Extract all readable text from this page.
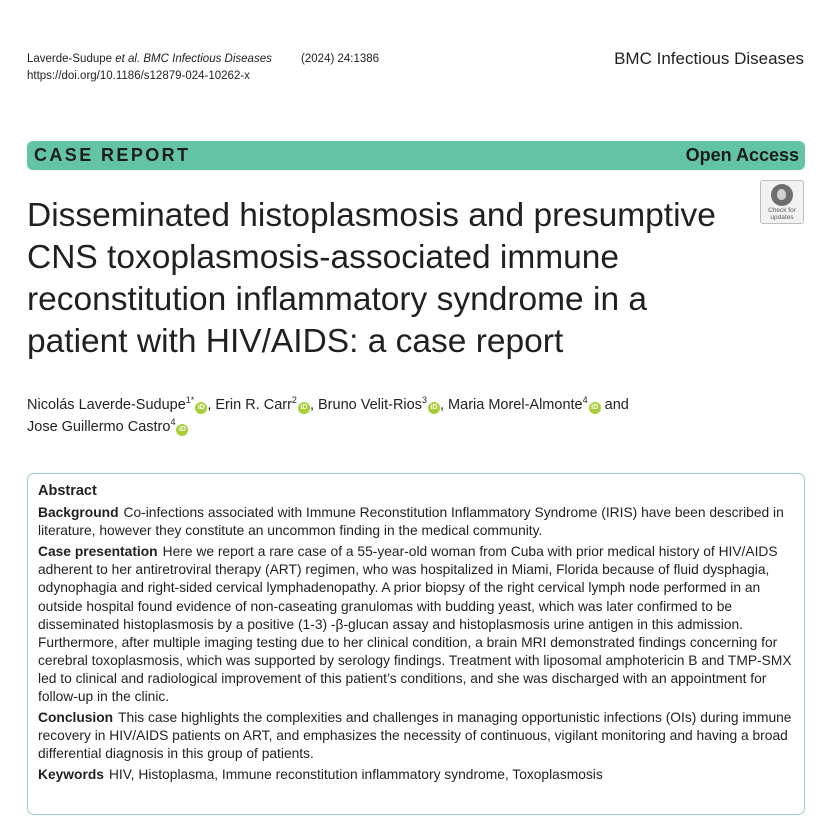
Laverde-Sudupe et al. BMC Infectious Diseases	(2024) 24:1386
https://doi.org/10.1186/s12879-024-10262-x
BMC Infectious Diseases
CASE REPORT	Open Access
Check for
updates
Disseminated histoplasmosis and presumptive CNS toxoplasmosis-associated immune reconstitution inflammatory syndrome in a patient with HIV/AIDS: a case report
Nicolás Laverde-Sudupe$^{1*}$iD , Erin R. Carr$^2$iD , Bruno Velit-Rios$^3$iD , Maria Morel-Almonte$^4$iD and
Jose Guillermo Castro$^4$iD
Abstract

Background Co-infections associated with Immune Reconstitution Inflammatory Syndrome (IRIS) have been described in literature, however they constitute an uncommon finding in the medical community.

Case presentation Here we report a rare case of a 55-year-old woman from Cuba with prior medical history of HIV/AIDS adherent to her antiretroviral therapy (ART) regimen, who was hospitalized in Miami, Florida because of fluid dysphagia, odynophagia and right-sided cervical lymphadenopathy. A prior biopsy of the right cervical lymph node performed in an outside hospital found evidence of non-caseating granulomas with budding yeast, which was later confirmed to be disseminated histoplasmosis by a positive (1-3) -β-glucan assay and histoplasmosis urine antigen in this admission. Furthermore, after multiple imaging testing due to her clinical condition, a brain MRI demonstrated findings concerning for cerebral toxoplasmosis, which was supported by serology findings. Treatment with liposomal amphotericin B and TMP-SMX led to clinical and radiological improvement of this patient’s conditions, and she was discharged with an appointment for follow-up in the clinic.

Conclusion This case highlights the complexities and challenges in managing opportunistic infections (OIs) during immune recovery in HIV/AIDS patients on ART, and emphasizes the necessity of continuous, vigilant monitoring and having a broad differential diagnosis in this group of patients.

Keywords HIV, Histoplasma, Immune reconstitution inflammatory syndrome, Toxoplasmosis
